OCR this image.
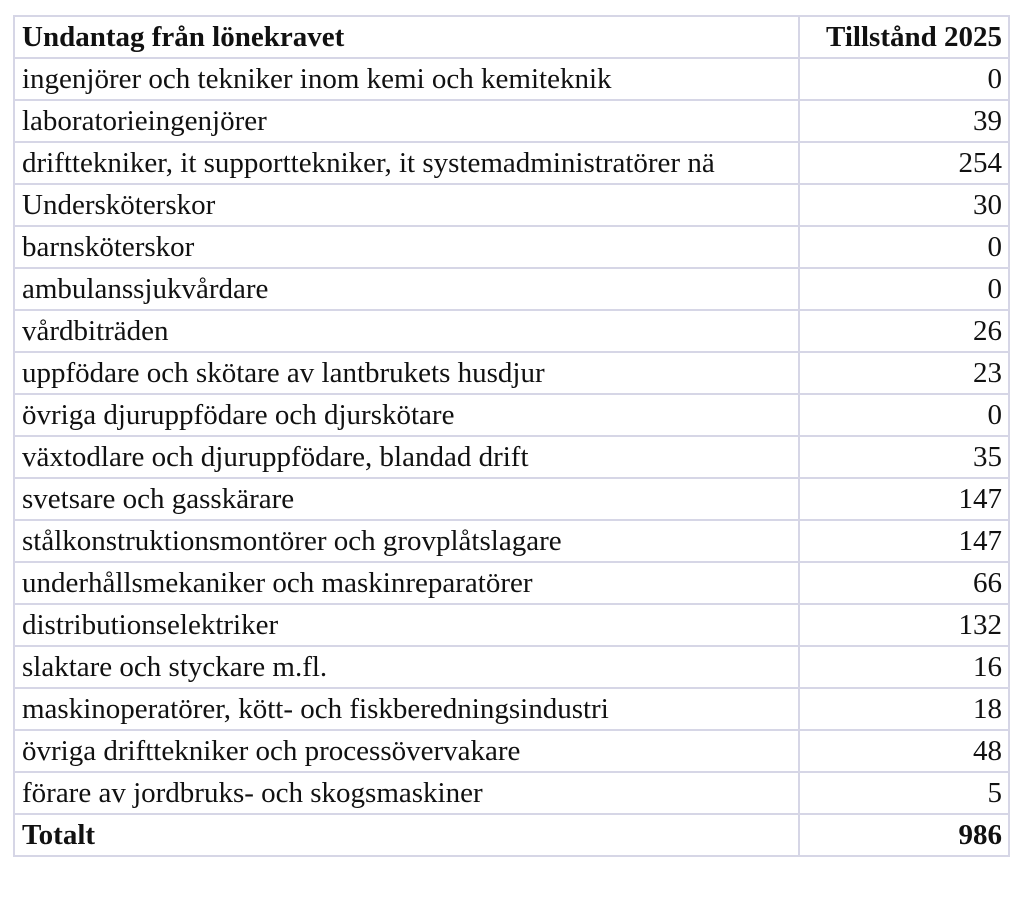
Undantag från lönekravet	Tillstånd 2025
ingenjörer och tekniker inom kemi och kemiteknik	0
laboratorieingenjörer	39
drifttekniker, it supporttekniker, it systemadministratörer nä	254
Undersköterskor	30
barnsköterskor	0
ambulanssjukvårdare	0
vårdbiträden	26
uppfödare och skötare av lantbrukets husdjur	23
övriga djuruppfödare och djurskötare	0
växtodlare och djuruppfödare, blandad drift	35
svetsare och gasskärare	147
stålkonstruktionsmontörer och grovplåtslagare	147
underhållsmekaniker och maskinreparatörer	66
distributionselektriker	132
slaktare och styckare m.fl.	16
maskinoperatörer, kött- och fiskberedningsindustri	18
övriga drifttekniker och processövervakare	48
förare av jordbruks- och skogsmaskiner	5
Totalt	986
